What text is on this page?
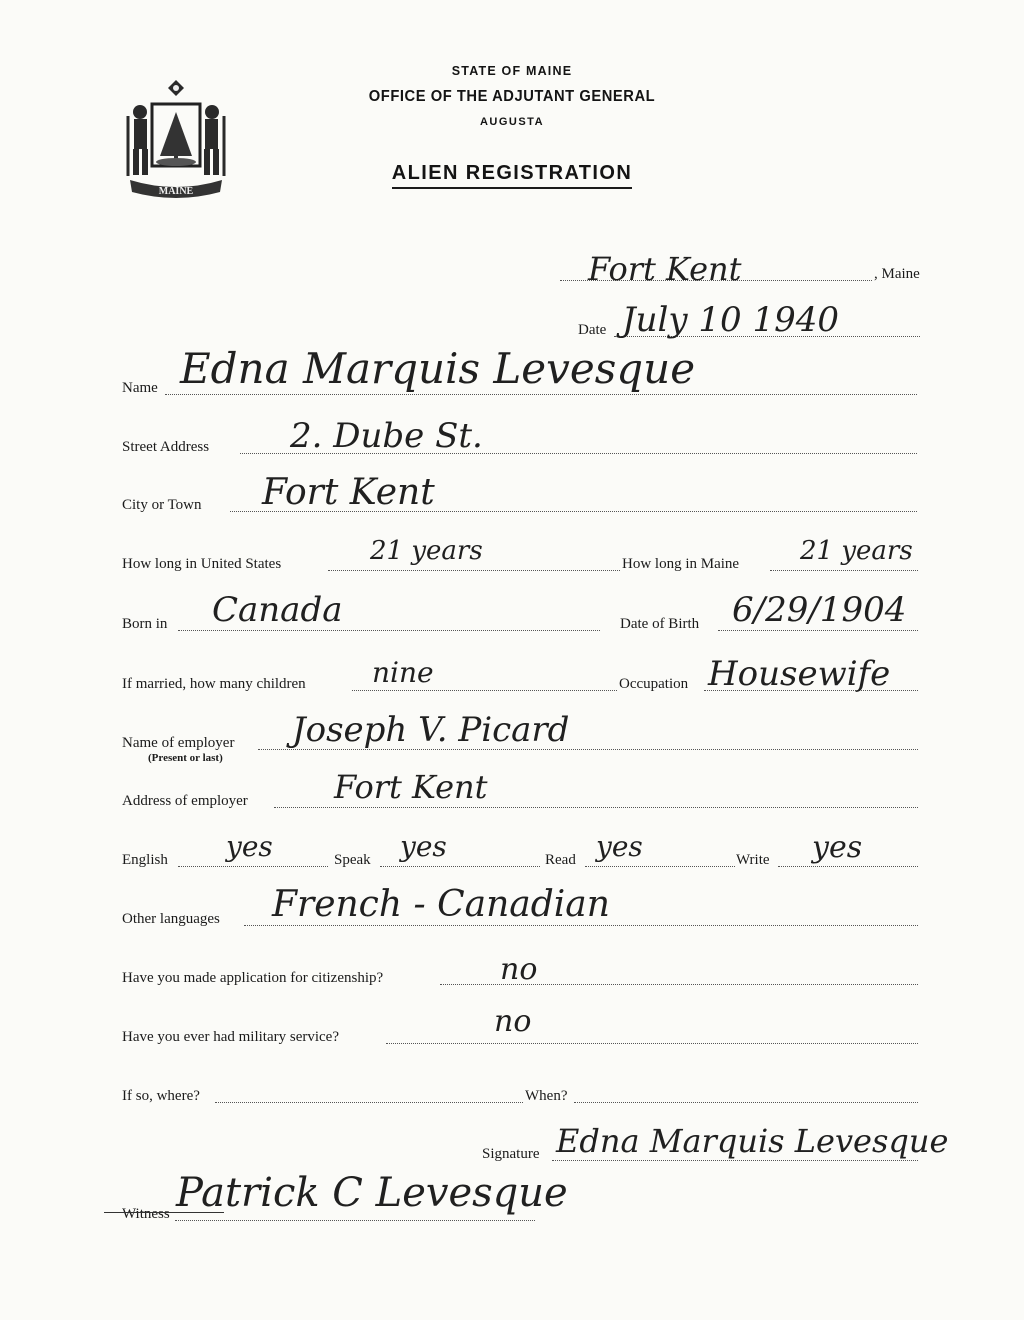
MAINE
STATE OF MAINE
OFFICE OF THE ADJUTANT GENERAL
AUGUSTA
ALIEN REGISTRATION
, Maine
Fort Kent
Date July 10 1940
Name Edna Marquis Levesque
Street Address 2. Dube St.
City or Town Fort Kent
How long in United States	21 years	How long in Maine 21 years
Born in Canada	Date of Birth 6/29/1904
If married, how many children nine	Occupation Housewife
Name of employer
(Present or last)
Joseph V. Picard
Address of employer	Fort Kent
English yes	Speak yes	Read yes	Write yes
Other languages French - Canadian
Have you made application for citizenship?	no
Have you ever had military service?	no
If so, where?	When?
Signature Edna Marquis Levesque
Witness Patrick C Levesque
